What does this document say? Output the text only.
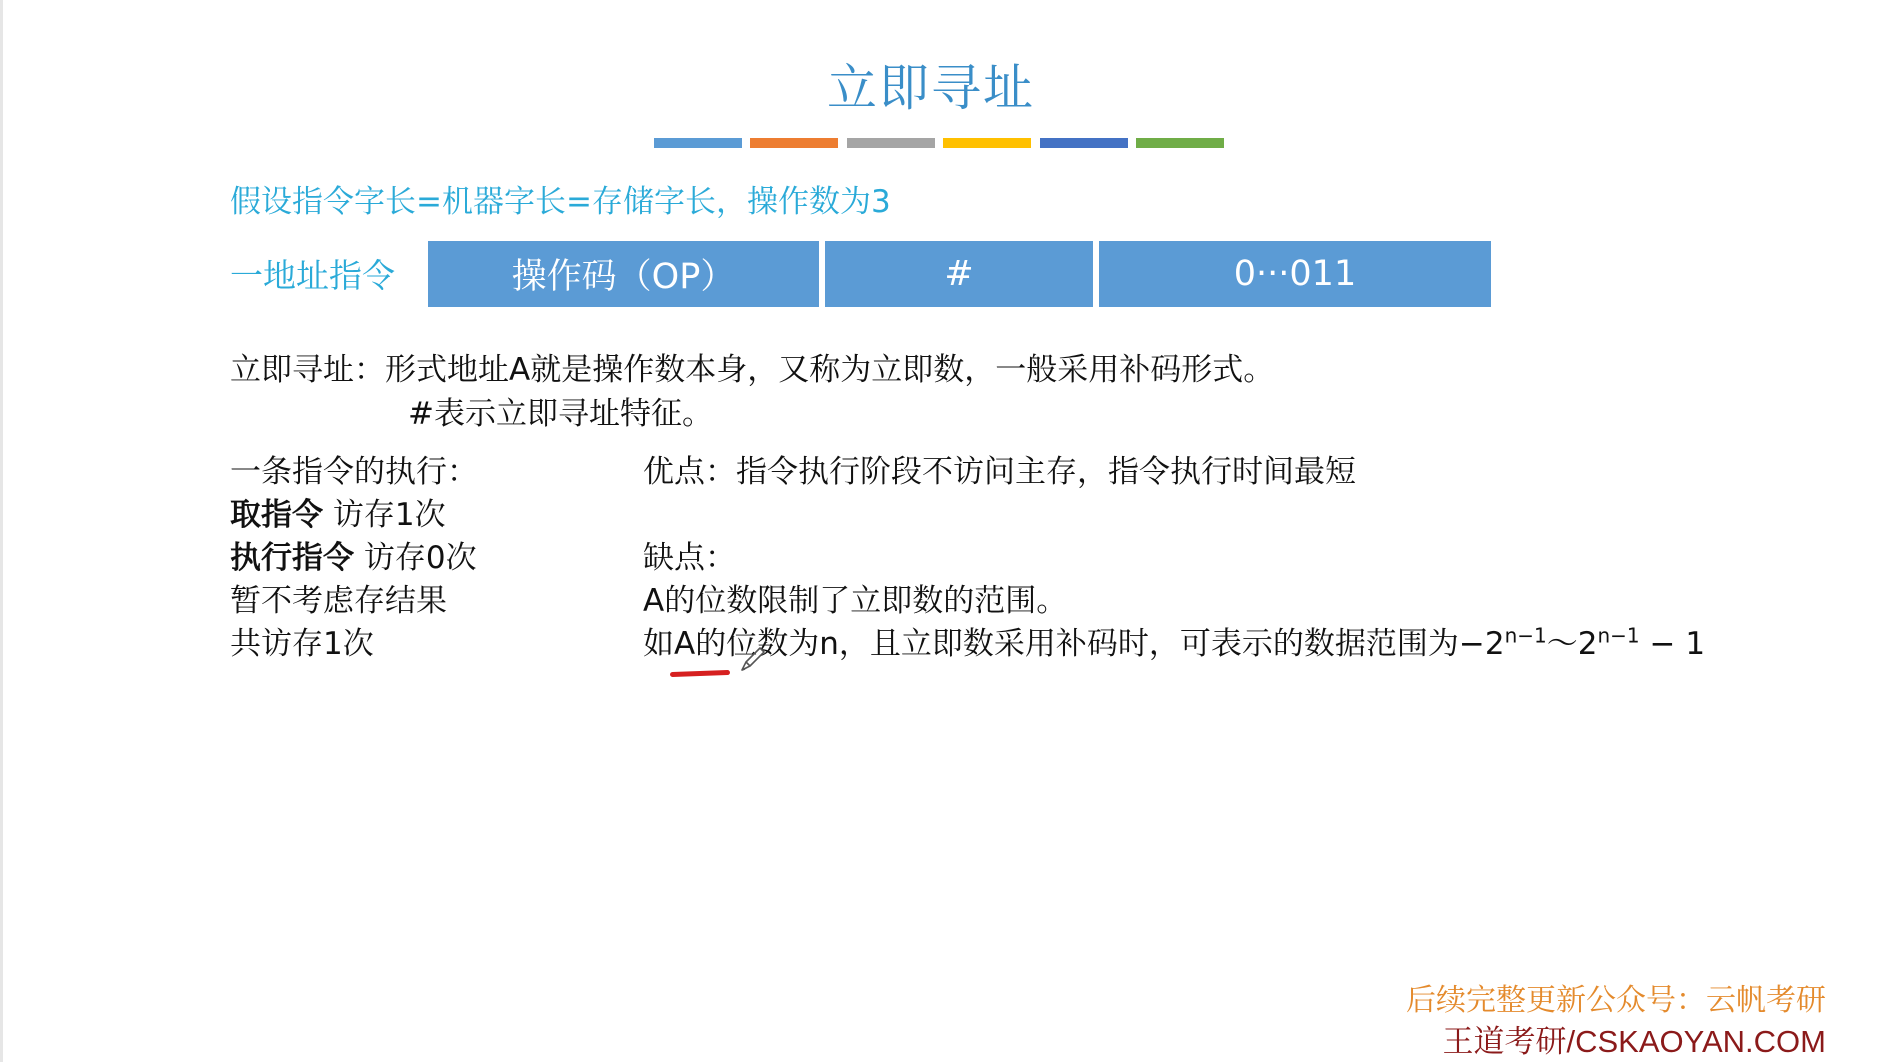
立即寻址
假设指令字长=机器字长=存储字长，操作数为3
一地址指令	操作码（OP）	#	0···011
立即寻址：形式地址A就是操作数本身，又称为立即数，一般采用补码形式。
#表示立即寻址特征。
一条指令的执行：
取指令 访存1次
执行指令 访存0次
暂不考虑存结果
共访存1次
优点：指令执行阶段不访问主存，指令执行时间最短
缺点：
A的位数限制了立即数的范围。
如A的位数为n，且立即数采用补码时，可表示的数据范围为$-2^{n-1}\sim 2^{n-1} - 1$
后续完整更新公众号：云帆考研
王道考研/CSKAOYAN.COM
